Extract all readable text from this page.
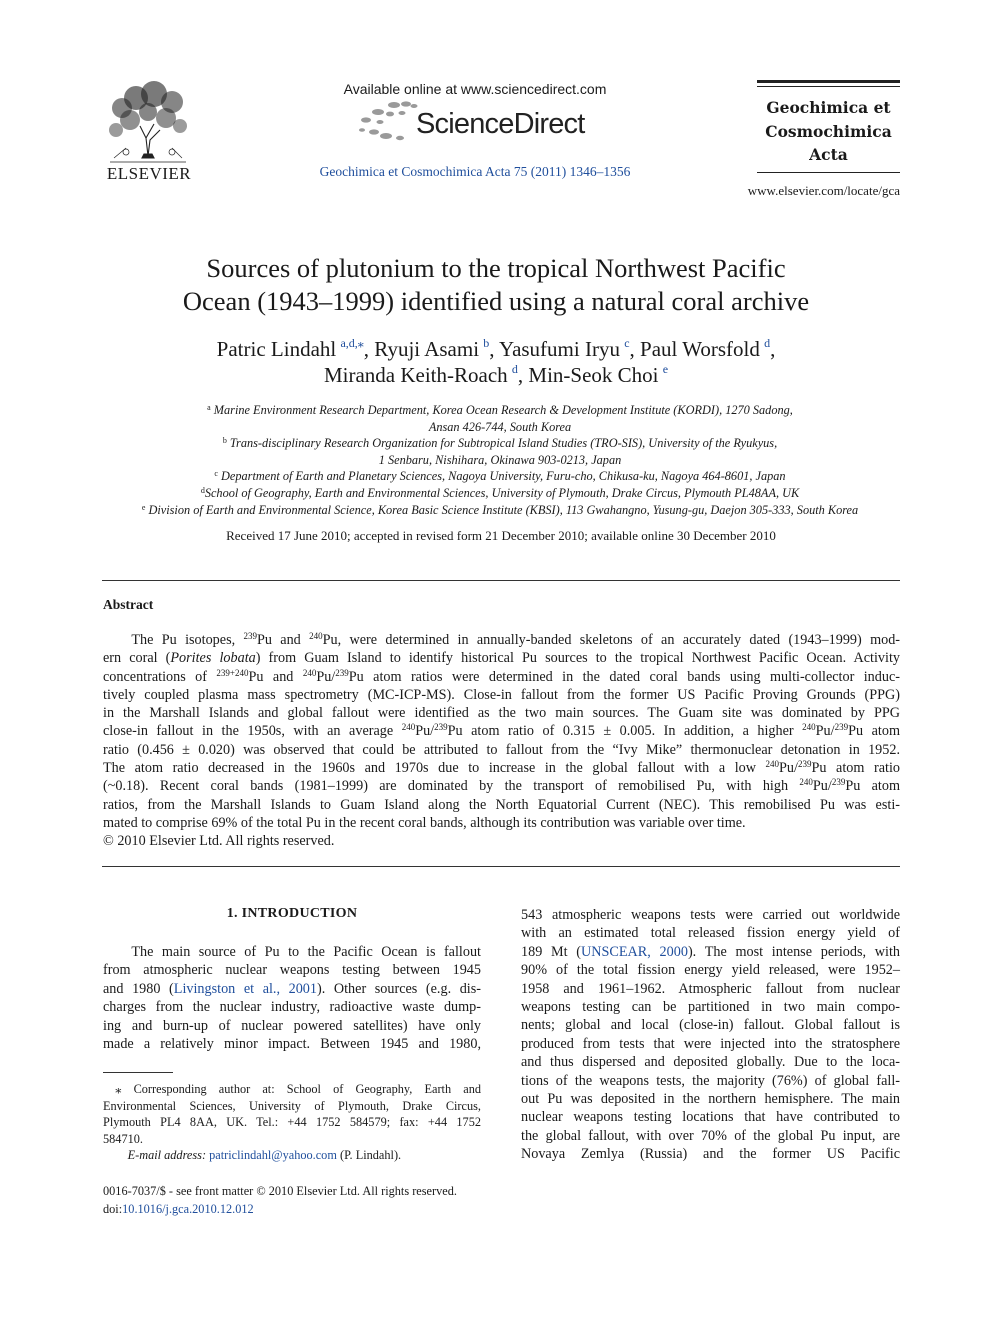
ELSEVIER
Available online at www.sciencedirect.com
ScienceDirect
Geochimica et Cosmochimica Acta 75 (2011) 1346–1356
Geochimica et
Cosmochimica
Acta
www.elsevier.com/locate/gca
Sources of plutonium to the tropical Northwest Pacific
Ocean (1943–1999) identified using a natural coral archive
Patric Lindahl  $^{a,d,⁎}$, Ryuji Asami  $^b$, Yasufumi Iryu  $^c$, Paul Worsfold  $^d$,
Miranda Keith-Roach  $^d$, Min-Seok Choi  $^e$
$^a$ Marine Environment Research Department, Korea Ocean Research & Development Institute (KORDI), 1270 Sadong,
Ansan 426-744, South Korea
$^b$ Trans-disciplinary Research Organization for Subtropical Island Studies (TRO-SIS), University of the Ryukyus,
1 Senbaru, Nishihara, Okinawa 903-0213, Japan
$^c$ Department of Earth and Planetary Sciences, Nagoya University, Furu-cho, Chikusa-ku, Nagoya 464-8601, Japan
$^d$School of Geography, Earth and Environmental Sciences, University of Plymouth, Drake Circus, Plymouth PL48AA, UK
$^e$ Division of Earth and Environmental Science, Korea Basic Science Institute (KBSI), 113 Gwahangno, Yusung-gu, Daejon 305-333, South Korea
Received 17 June 2010; accepted in revised form 21 December 2010; available online 30 December 2010
Abstract
  The Pu isotopes, $^{239}$Pu and $^{240}$Pu, were determined in annually-banded skeletons of an accurately dated (1943–1999) mod-
ern coral (Porites lobata) from Guam Island to identify historical Pu sources to the tropical Northwest Pacific Ocean. Activity
concentrations of $^{239+240}$Pu and $^{240}$Pu/$^{239}$Pu atom ratios were determined in the dated coral bands using multi-collector induc-
tively coupled plasma mass spectrometry (MC-ICP-MS). Close-in fallout from the former US Pacific Proving Grounds (PPG)
in the Marshall Islands and global fallout were identified as the two main sources. The Guam site was dominated by PPG
close-in fallout in the 1950s, with an average $^{240}$Pu/$^{239}$Pu atom ratio of 0.315 ± 0.005. In addition, a higher $^{240}$Pu/$^{239}$Pu atom
ratio (0.456 ± 0.020) was observed that could be attributed to fallout from the “Ivy Mike” thermonuclear detonation in 1952.
The atom ratio decreased in the 1960s and 1970s due to increase in the global fallout with a low $^{240}$Pu/$^{239}$Pu atom ratio
(~0.18). Recent coral bands (1981–1999) are dominated by the transport of remobilised Pu, with high $^{240}$Pu/$^{239}$Pu atom
ratios, from the Marshall Islands to Guam Island along the North Equatorial Current (NEC). This remobilised Pu was esti-
mated to comprise 69% of the total Pu in the recent coral bands, although its contribution was variable over time.
© 2010 Elsevier Ltd. All rights reserved.
1. INTRODUCTION
  The main source of Pu to the Pacific Ocean is fallout
from atmospheric nuclear weapons testing between 1945
and 1980 (Livingston et al., 2001). Other sources (e.g. dis-
charges from the nuclear industry, radioactive waste dump-
ing and burn-up of nuclear powered satellites) have only
made a relatively minor impact. Between 1945 and 1980,
 ⁎ Corresponding author at: School of Geography, Earth and
Environmental Sciences, University of Plymouth, Drake Circus,
Plymouth PL4 8AA, UK. Tel.: +44 1752 584579; fax: +44 1752
584710.
  E-mail address: patriclindahl@yahoo.com (P. Lindahl).
0016-7037/$ - see front matter © 2010 Elsevier Ltd. All rights reserved.
doi:10.1016/j.gca.2010.12.012
543 atmospheric weapons tests were carried out worldwide
with an estimated total released fission energy yield of
189 Mt (UNSCEAR, 2000). The most intense periods, with
90% of the total fission energy yield released, were 1952–
1958 and 1961–1962. Atmospheric fallout from nuclear
weapons testing can be partitioned in two main compo-
nents; global and local (close-in) fallout. Global fallout is
produced from tests that were injected into the stratosphere
and thus dispersed and deposited globally. Due to the loca-
tions of the weapons tests, the majority (76%) of global fall-
out Pu was deposited in the northern hemisphere. The main
nuclear weapons testing locations that have contributed to
the global fallout, with over 70% of the global Pu input, are
Novaya Zemlya (Russia) and the former US Pacific
